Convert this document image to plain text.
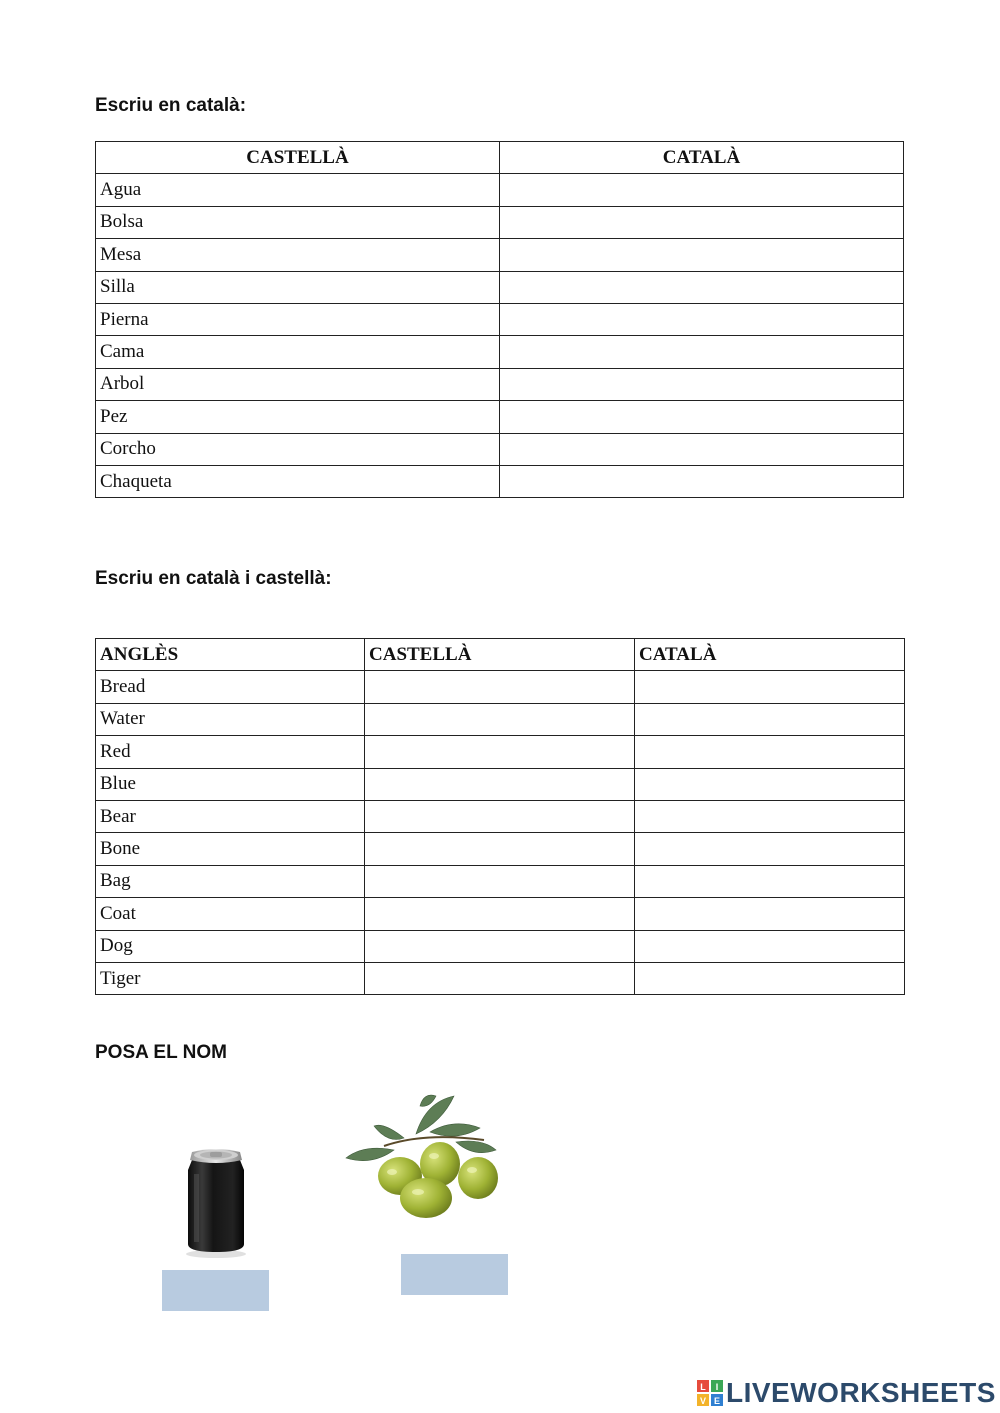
Escriu en català:
CASTELLÀ	CATALÀ
Agua	
Bolsa	
Mesa	
Silla	
Pierna	
Cama	
Arbol	
Pez	
Corcho	
Chaqueta	
Escriu en català i castellà:
ANGLÈS	CASTELLÀ	CATALÀ
Bread		
Water		
Red		
Blue		
Bear		
Bone		
Bag		
Coat		
Dog		
Tiger		
POSA EL NOM
L I
V E LIVEWORKSHEETS
